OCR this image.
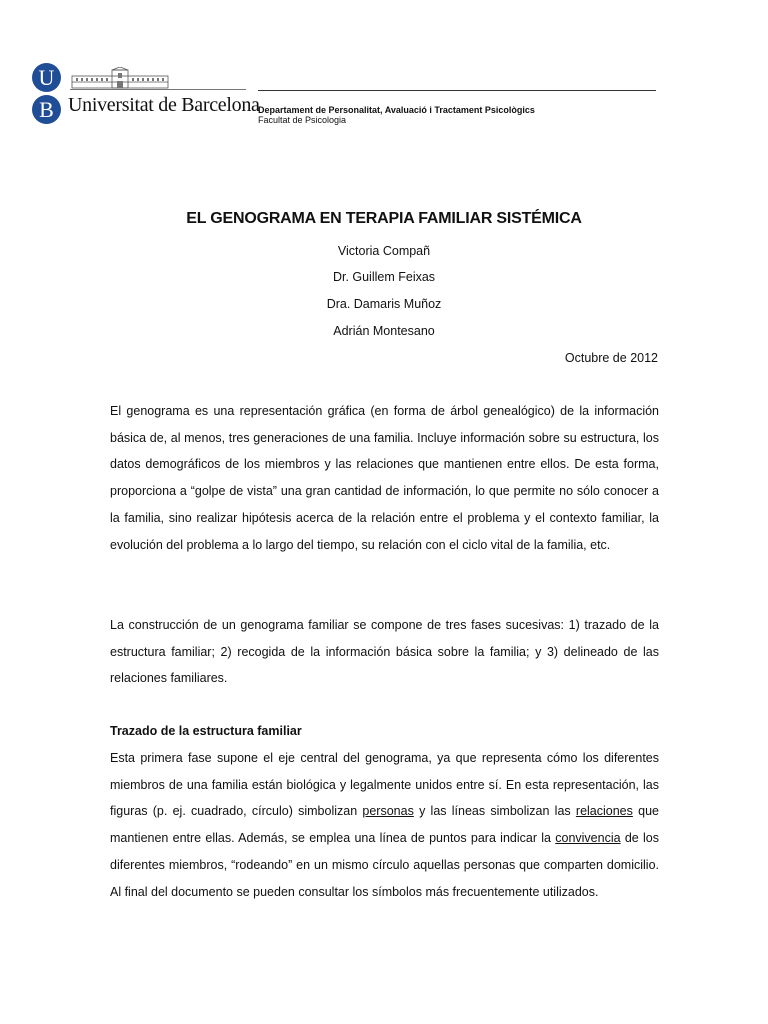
U
B Universitat de Barcelona
Departament de Personalitat, Avaluació i Tractament Psicològics
Facultat de Psicologia
EL GENOGRAMA EN TERAPIA FAMILIAR SISTÉMICA
Victoria Compañ
Dr. Guillem Feixas
Dra. Damaris Muñoz
Adrián Montesano
Octubre de 2012

El genograma es una representación gráfica (en forma de árbol genealógico) de la información básica de, al menos, tres generaciones de una familia. Incluye información sobre su estructura, los datos demográficos de los miembros y las relaciones que mantienen entre ellos. De esta forma, proporciona a “golpe de vista” una gran cantidad de información, lo que permite no sólo conocer a la familia, sino realizar hipótesis acerca de la relación entre el problema y el contexto familiar, la evolución del problema a lo largo del tiempo, su relación con el ciclo vital de la familia, etc.

La construcción de un genograma familiar se compone de tres fases sucesivas: 1) trazado de la estructura familiar; 2) recogida de la información básica sobre la familia; y 3) delineado de las relaciones familiares.

Trazado de la estructura familiar

Esta primera fase supone el eje central del genograma, ya que representa cómo los diferentes miembros de una familia están biológica y legalmente unidos entre sí. En esta representación, las figuras (p. ej. cuadrado, círculo) simbolizan personas y las líneas simbolizan las relaciones que mantienen entre ellas. Además, se emplea una línea de puntos para indicar la convivencia de los diferentes miembros, “rodeando” en un mismo círculo aquellas personas que comparten domicilio. Al final del documento se pueden consultar los símbolos más frecuentemente utilizados.
